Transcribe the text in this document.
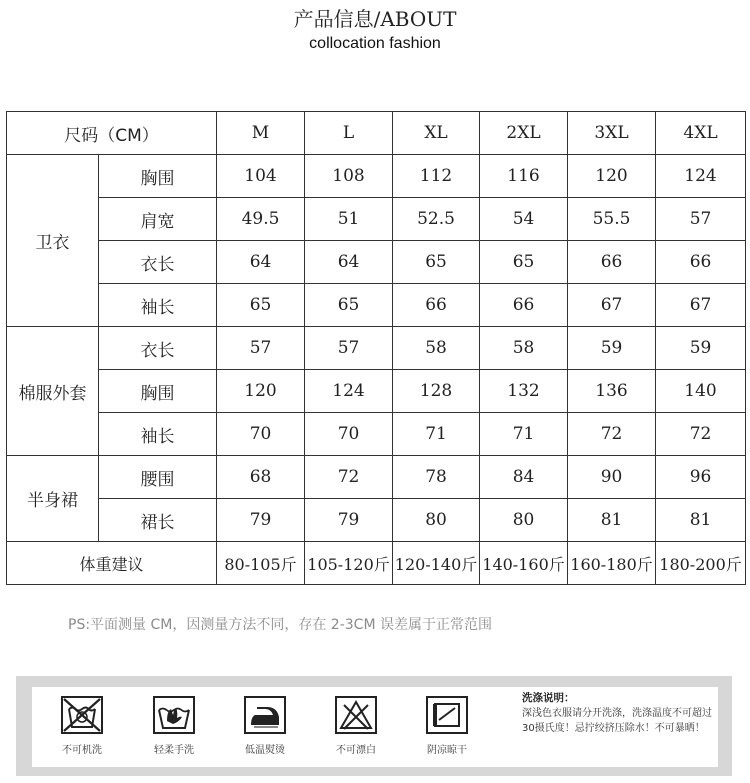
产品信息/ABOUT
collocation fashion
尺码（CM）		M	L	XL	2XL	3XL	4XL
卫衣	胸围	104	108	112	116	120	124
	肩宽	49.5	51	52.5	54	55.5	57
	衣长	64	64	65	65	66	66
	袖长	65	65	66	66	67	67
棉服外套	衣长	57	57	58	58	59	59
	胸围	120	124	128	132	136	140
	袖长	70	70	71	71	72	72
半身裙	腰围	68	72	78	84	90	96
	裙长	79	79	80	80	81	81
体重建议		80-105斤	105-120斤	120-140斤	140-160斤	160-180斤	180-200斤
PS:平面测量 CM，因测量方法不同，存在 2-3CM 误差属于正常范围
不可机洗	轻柔手洗	低温熨烫	不可漂白	阴凉晾干
洗涤说明：
深浅色衣服请分开洗涤，洗涤温度不可超过30摄氏度！忌拧绞挤压除水！不可暴晒！
